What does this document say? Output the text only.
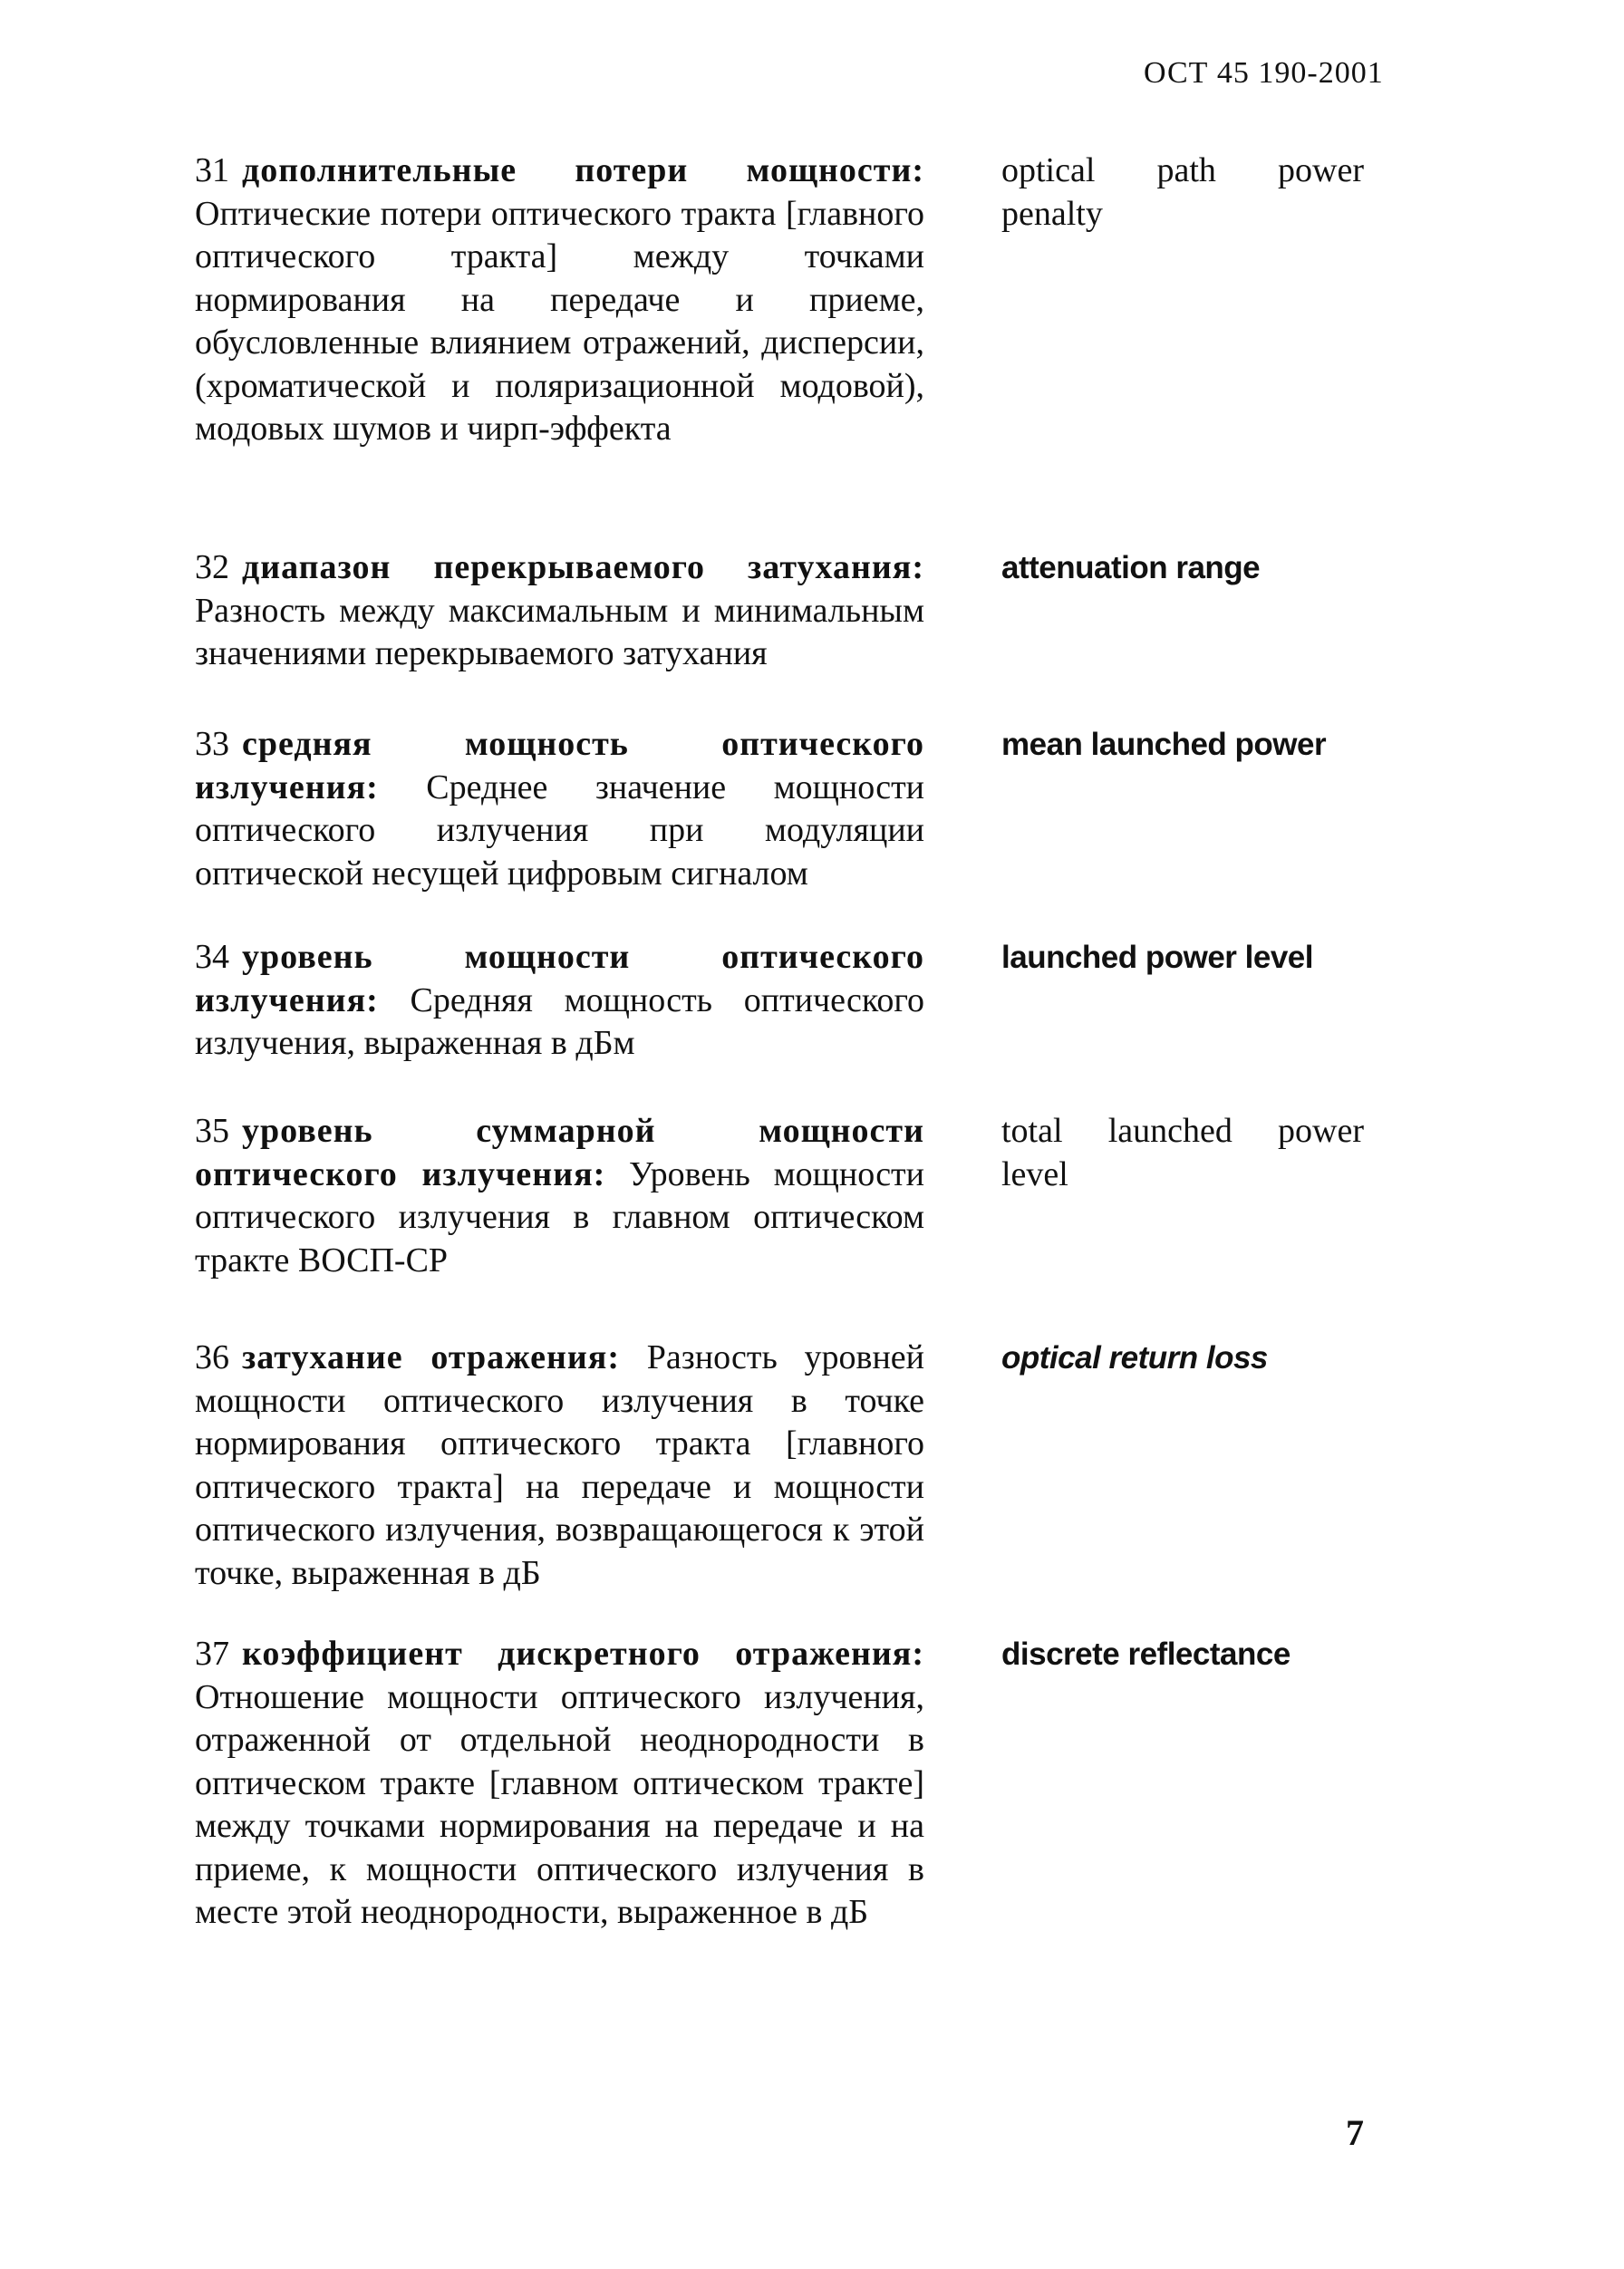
ОСТ 45 190-2001
31 дополнительные потери мощности: Оптические потери оптического тракта [главного оптического тракта] между точками нормирования на передаче и приеме, обусловленные влиянием отражений, дисперсии, (хроматической и поляризационной модовой), модовых шумов и чирп-эффекта
optical path power penalty
32 диапазон перекрываемого затухания: Разность между максимальным и минимальным значениями перекрываемого затухания
attenuation range
33 средняя мощность оптического излучения: Среднее значение мощности оптического излучения при модуляции оптической несущей цифровым сигналом
mean launched power
34 уровень мощности оптического излучения: Средняя мощность оптического излучения, выраженная в дБм
launched power level
35 уровень суммарной мощности оптического излучения: Уровень мощности оптического излучения в главном оптическом тракте ВОСП-СР
total launched power level
36 затухание отражения: Разность уровней мощности оптического излучения в точке нормирования оптического тракта [главного оптического тракта] на передаче и мощности оптического излучения, возвращающегося к этой точке, выраженная в дБ
optical return loss
37 коэффициент дискретного отражения: Отношение мощности оптического излучения, отраженной от отдельной неоднородности в оптическом тракте [главном оптическом тракте] между точками нормирования на передаче и на приеме, к мощности оптического излучения в месте этой неоднородности, выраженное в дБ
discrete reflectance
7
